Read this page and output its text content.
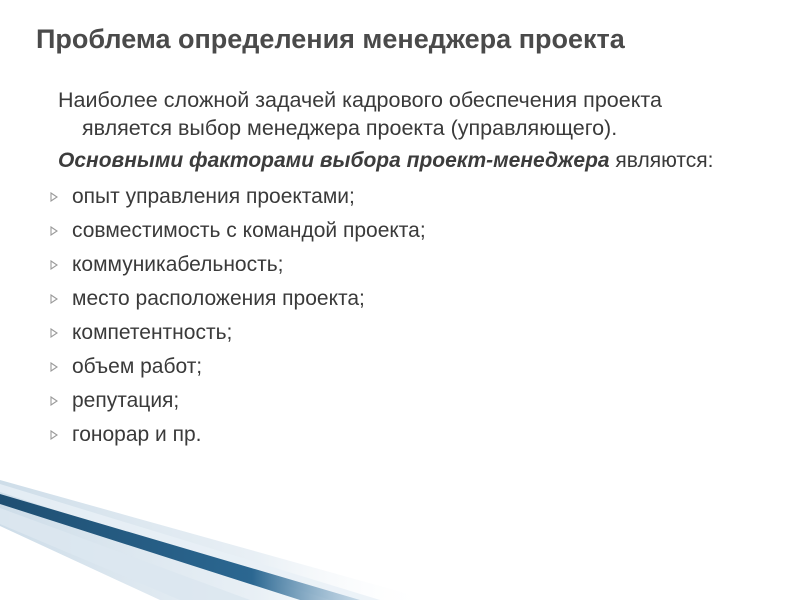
Проблема определения менеджера проекта

Наиболее сложной задачей кадрового обеспечения проекта является выбор менеджера проекта (управляющего).

Основными факторами выбора проект-менеджера являются:

опыт управления проектами;
совместимость с командой проекта;
коммуникабельность;
место расположения проекта;
компетентность;
объем работ;
репутация;
гонорар и пр.
